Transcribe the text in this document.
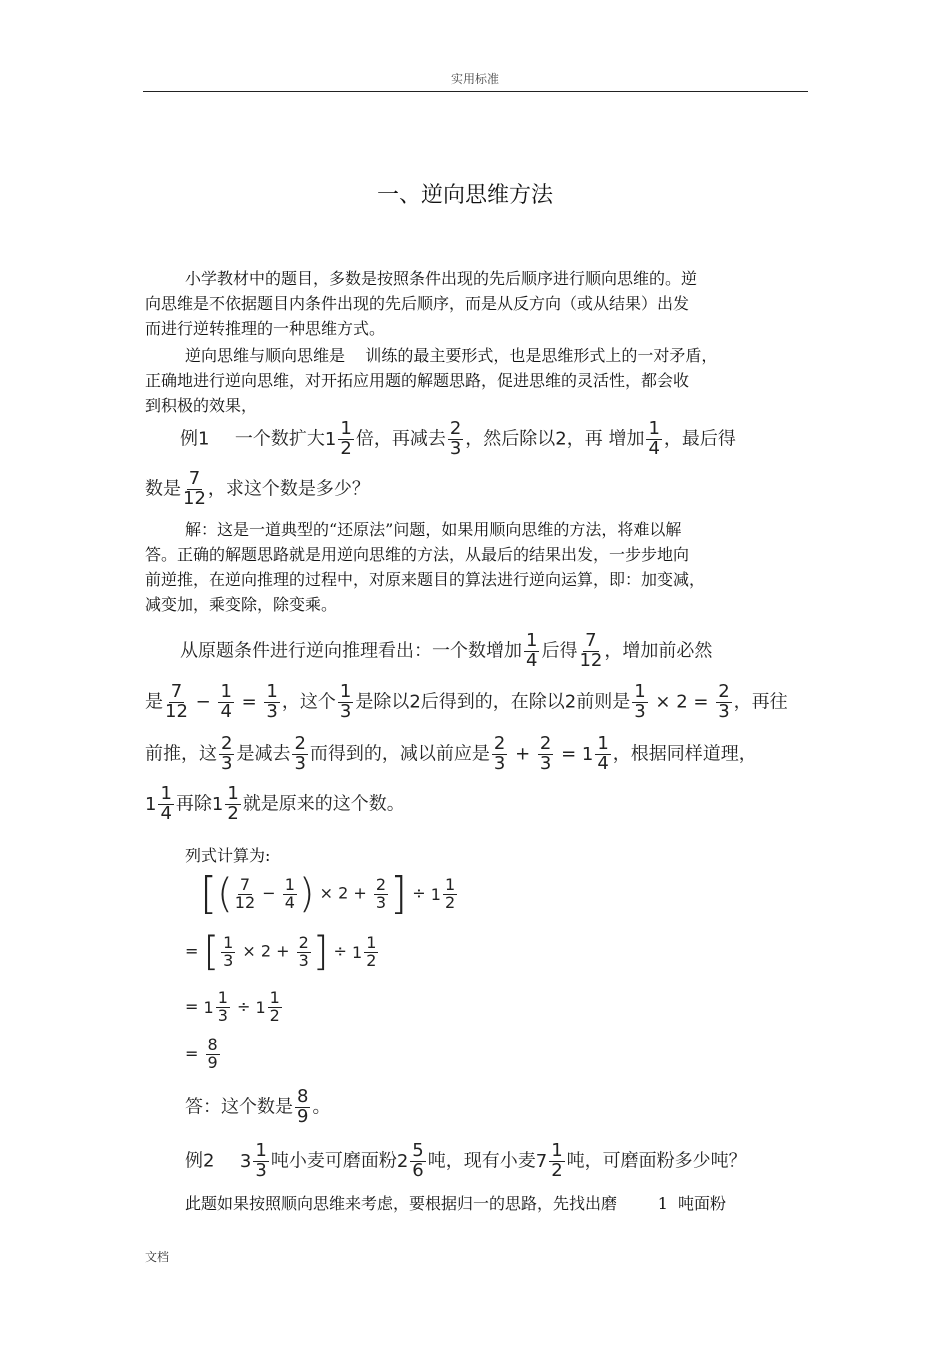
实用标准
一、逆向思维方法
小学教材中的题目，多数是按照条件出现的先后顺序进行顺向思维的。逆
向思维是不依据题目内条件出现的先后顺序，而是从反方向（或从结果）出发
而进行逆转推理的一种思维方式。
逆向思维与顺向思维是    训练的最主要形式，也是思维形式上的一对矛盾，
正确地进行逆向思维，对开拓应用题的解题思路，促进思维的灵活性，都会收
到积极的效果，
例1 一个数扩大$1 \frac{1}{2}$ 倍，再减去 $\frac{2}{3}$ ，然后除以2，再 增加 $\frac{1}{4}$ ，最后得
数是 $\frac{7}{12}$ ，求这个数是多少？
解：这是一道典型的“还原法”问题，如果用顺向思维的方法，将难以解
答。正确的解题思路就是用逆向思维的方法，从最后的结果出发，一步步地向
前逆推，在逆向推理的过程中，对原来题目的算法进行逆向运算，即：加变减，
减变加，乘变除，除变乘。
从原题条件进行逆向推理看出：一个数增加 $\frac{1}{4}$ 后得 $\frac{7}{12}$ ，增加前必然
是 $\frac{7}{12} - \frac{1}{4} = \frac{1}{3}$ ，这个 $\frac{1}{3}$ 是除以2后得到的，在除以2前则是 $\frac{1}{3} \times 2 = \frac{2}{3}$ ，再往
前推，这 $\frac{2}{3}$ 是减去 $\frac{2}{3}$ 而得到的，减以前应是 $\frac{2}{3} + \frac{2}{3} = 1 \frac{1}{4}$ ，根据同样道理，
$1 \frac{1}{4}$ 再除$1 \frac{1}{2}$ 就是原来的这个数。
列式计算为:
[( $\frac{7}{12} - \frac{1}{4}$ ) × $2 + \frac{2}{3}$ ] ÷ $1 \frac{1}{2}$
= [ $\frac{1}{3} \times 2 + \frac{2}{3}$ ] ÷ $1 \frac{1}{2}$
= $1 \frac{1}{3} \div 1 \frac{1}{2}$
= $\frac{8}{9}$
答：这个数是 $\frac{8}{9}$ 。
例2 $3 \frac{1}{3}$ 吨小麦可磨面粉$2 \frac{5}{6}$ 吨，现有小麦$7 \frac{1}{2}$ 吨，可磨面粉多少吨？
此题如果按照顺向思维来考虑，要根据归一的思路，先找出磨        1  吨面粉
文档
